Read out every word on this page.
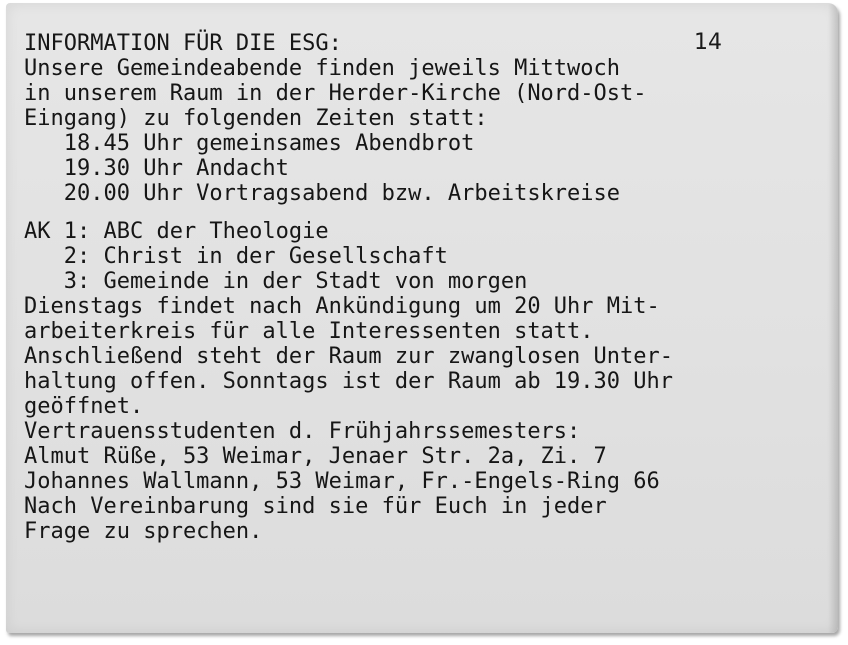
14

INFORMATION FÜR DIE ESG:

Unsere Gemeindeabende finden jeweils Mittwoch

in unserem Raum in der Herder-Kirche (Nord-Ost-

Eingang) zu folgenden Zeiten statt:

18.45 Uhr gemeinsames Abendbrot

19.30 Uhr Andacht

20.00 Uhr Vortragsabend bzw. Arbeitskreise

AK 1: ABC der Theologie

2: Christ in der Gesellschaft

3: Gemeinde in der Stadt von morgen

Dienstags findet nach Ankündigung um 20 Uhr Mit-

arbeiterkreis für alle Interessenten statt.

Anschließend steht der Raum zur zwanglosen Unter-

haltung offen. Sonntags ist der Raum ab 19.30 Uhr

geöffnet.

Vertrauensstudenten d. Frühjahrssemesters:

Almut Rüße, 53 Weimar, Jenaer Str. 2a, Zi. 7

Johannes Wallmann, 53 Weimar, Fr.-Engels-Ring 66

Nach Vereinbarung sind sie für Euch in jeder

Frage zu sprechen.
